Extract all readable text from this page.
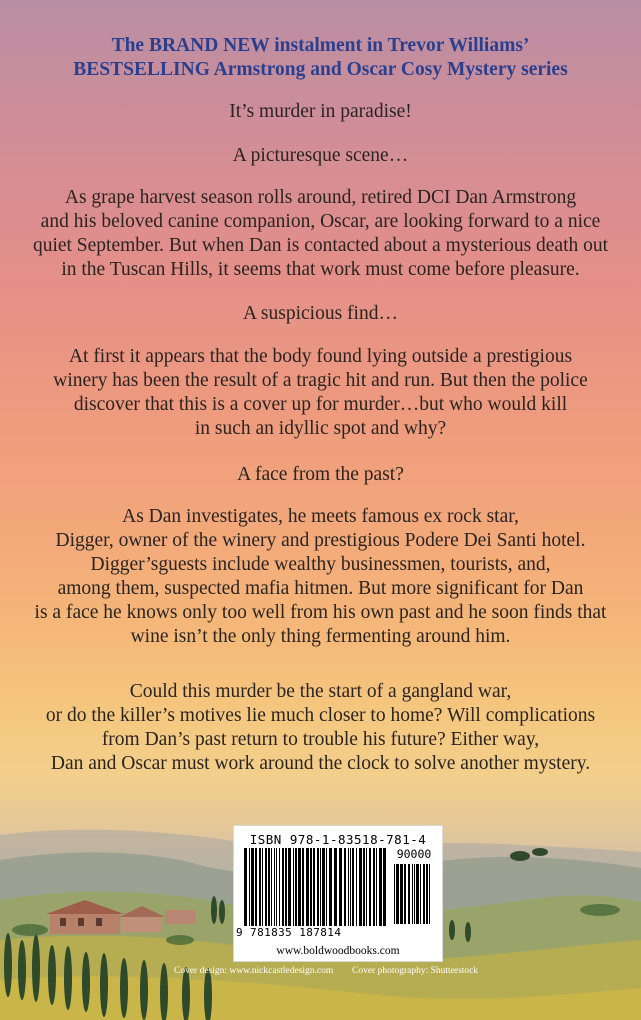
The BRAND NEW instalment in Trevor Williams’
BESTSELLING Armstrong and Oscar Cosy Mystery series
It’s murder in paradise!
A picturesque scene…
As grape harvest season rolls around, retired DCI Dan Armstrong
and his beloved canine companion, Oscar, are looking forward to a nice
quiet September. But when Dan is contacted about a mysterious death out
in the Tuscan Hills, it seems that work must come before pleasure.
A suspicious find…
At first it appears that the body found lying outside a prestigious
winery has been the result of a tragic hit and run. But then the police
discover that this is a cover up for murder…but who would kill
in such an idyllic spot and why?
A face from the past?
As Dan investigates, he meets famous ex rock star,
Digger, owner of the winery and prestigious Podere Dei Santi hotel.
Digger’sguests include wealthy businessmen, tourists, and,
among them, suspected mafia hitmen. But more significant for Dan
is a face he knows only too well from his own past and he soon finds that
wine isn’t the only thing fermenting around him.
Could this murder be the start of a gangland war,
or do the killer’s motives lie much closer to home? Will complications
from Dan’s past return to trouble his future? Either way,
Dan and Oscar must work around the clock to solve another mystery.
ISBN 978-1-83518-781-4
90000
9 781835 187814
www.boldwoodbooks.com
Cover design: www.nickcastledesign.com Cover photography: Shutterstock
